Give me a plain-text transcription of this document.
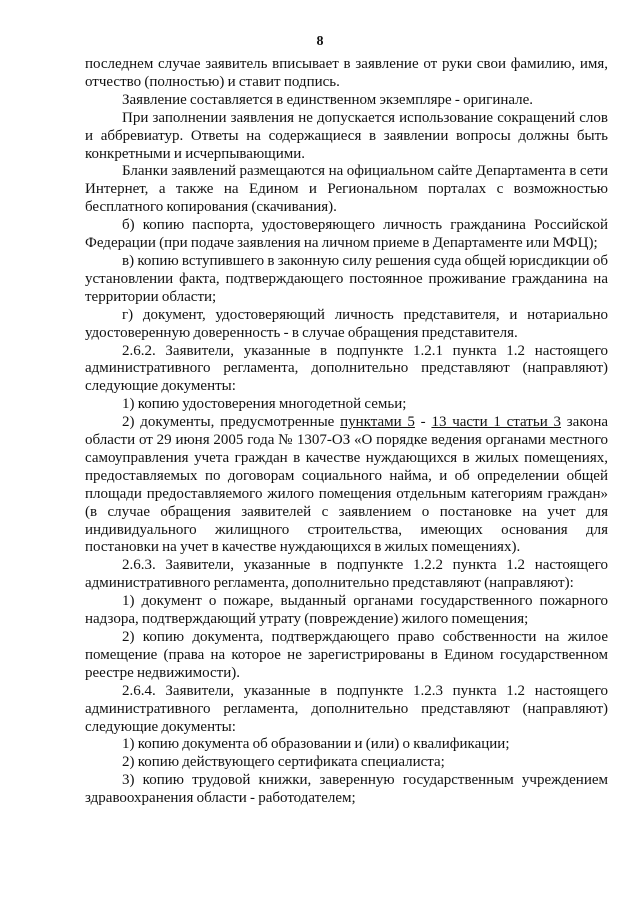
8

последнем случае заявитель вписывает в заявление от руки свои фамилию, имя, отчество (полностью) и ставит подпись.

Заявление составляется в единственном экземпляре - оригинале.

При заполнении заявления не допускается использование сокращений слов и аббревиатур. Ответы на содержащиеся в заявлении вопросы должны быть конкретными и исчерпывающими.

Бланки заявлений размещаются на официальном сайте Департамента в сети Интернет, а также на Едином и Региональном порталах с возможностью бесплатного копирования (скачивания).

б) копию паспорта, удостоверяющего личность гражданина Российской Федерации (при подаче заявления на личном приеме в Департаменте или МФЦ);

в) копию вступившего в законную силу решения суда общей юрисдикции об установлении факта, подтверждающего постоянное проживание гражданина на территории области;

г) документ, удостоверяющий личность представителя, и нотариально удостоверенную доверенность - в случае обращения представителя.

2.6.2. Заявители, указанные в подпункте 1.2.1 пункта 1.2 настоящего административного регламента, дополнительно представляют (направляют) следующие документы:

1) копию удостоверения многодетной семьи;

2) документы, предусмотренные пунктами 5 - 13 части 1 статьи 3 закона области от 29 июня 2005 года № 1307-ОЗ «О порядке ведения органами местного самоуправления учета граждан в качестве нуждающихся в жилых помещениях, предоставляемых по договорам социального найма, и об определении общей площади предоставляемого жилого помещения отдельным категориям граждан» (в случае обращения заявителей с заявлением о постановке на учет для индивидуального жилищного строительства, имеющих основания для постановки на учет в качестве нуждающихся в жилых помещениях).

2.6.3. Заявители, указанные в подпункте 1.2.2 пункта 1.2 настоящего административного регламента, дополнительно представляют (направляют):

1) документ о пожаре, выданный органами государственного пожарного надзора, подтверждающий утрату (повреждение) жилого помещения;

2) копию документа, подтверждающего право собственности на жилое помещение (права на которое не зарегистрированы в Едином государственном реестре недвижимости).

2.6.4. Заявители, указанные в подпункте 1.2.3 пункта 1.2 настоящего административного регламента, дополнительно представляют (направляют) следующие документы:

1) копию документа об образовании и (или) о квалификации;

2) копию действующего сертификата специалиста;

3) копию трудовой книжки, заверенную государственным учреждением здравоохранения области - работодателем;
